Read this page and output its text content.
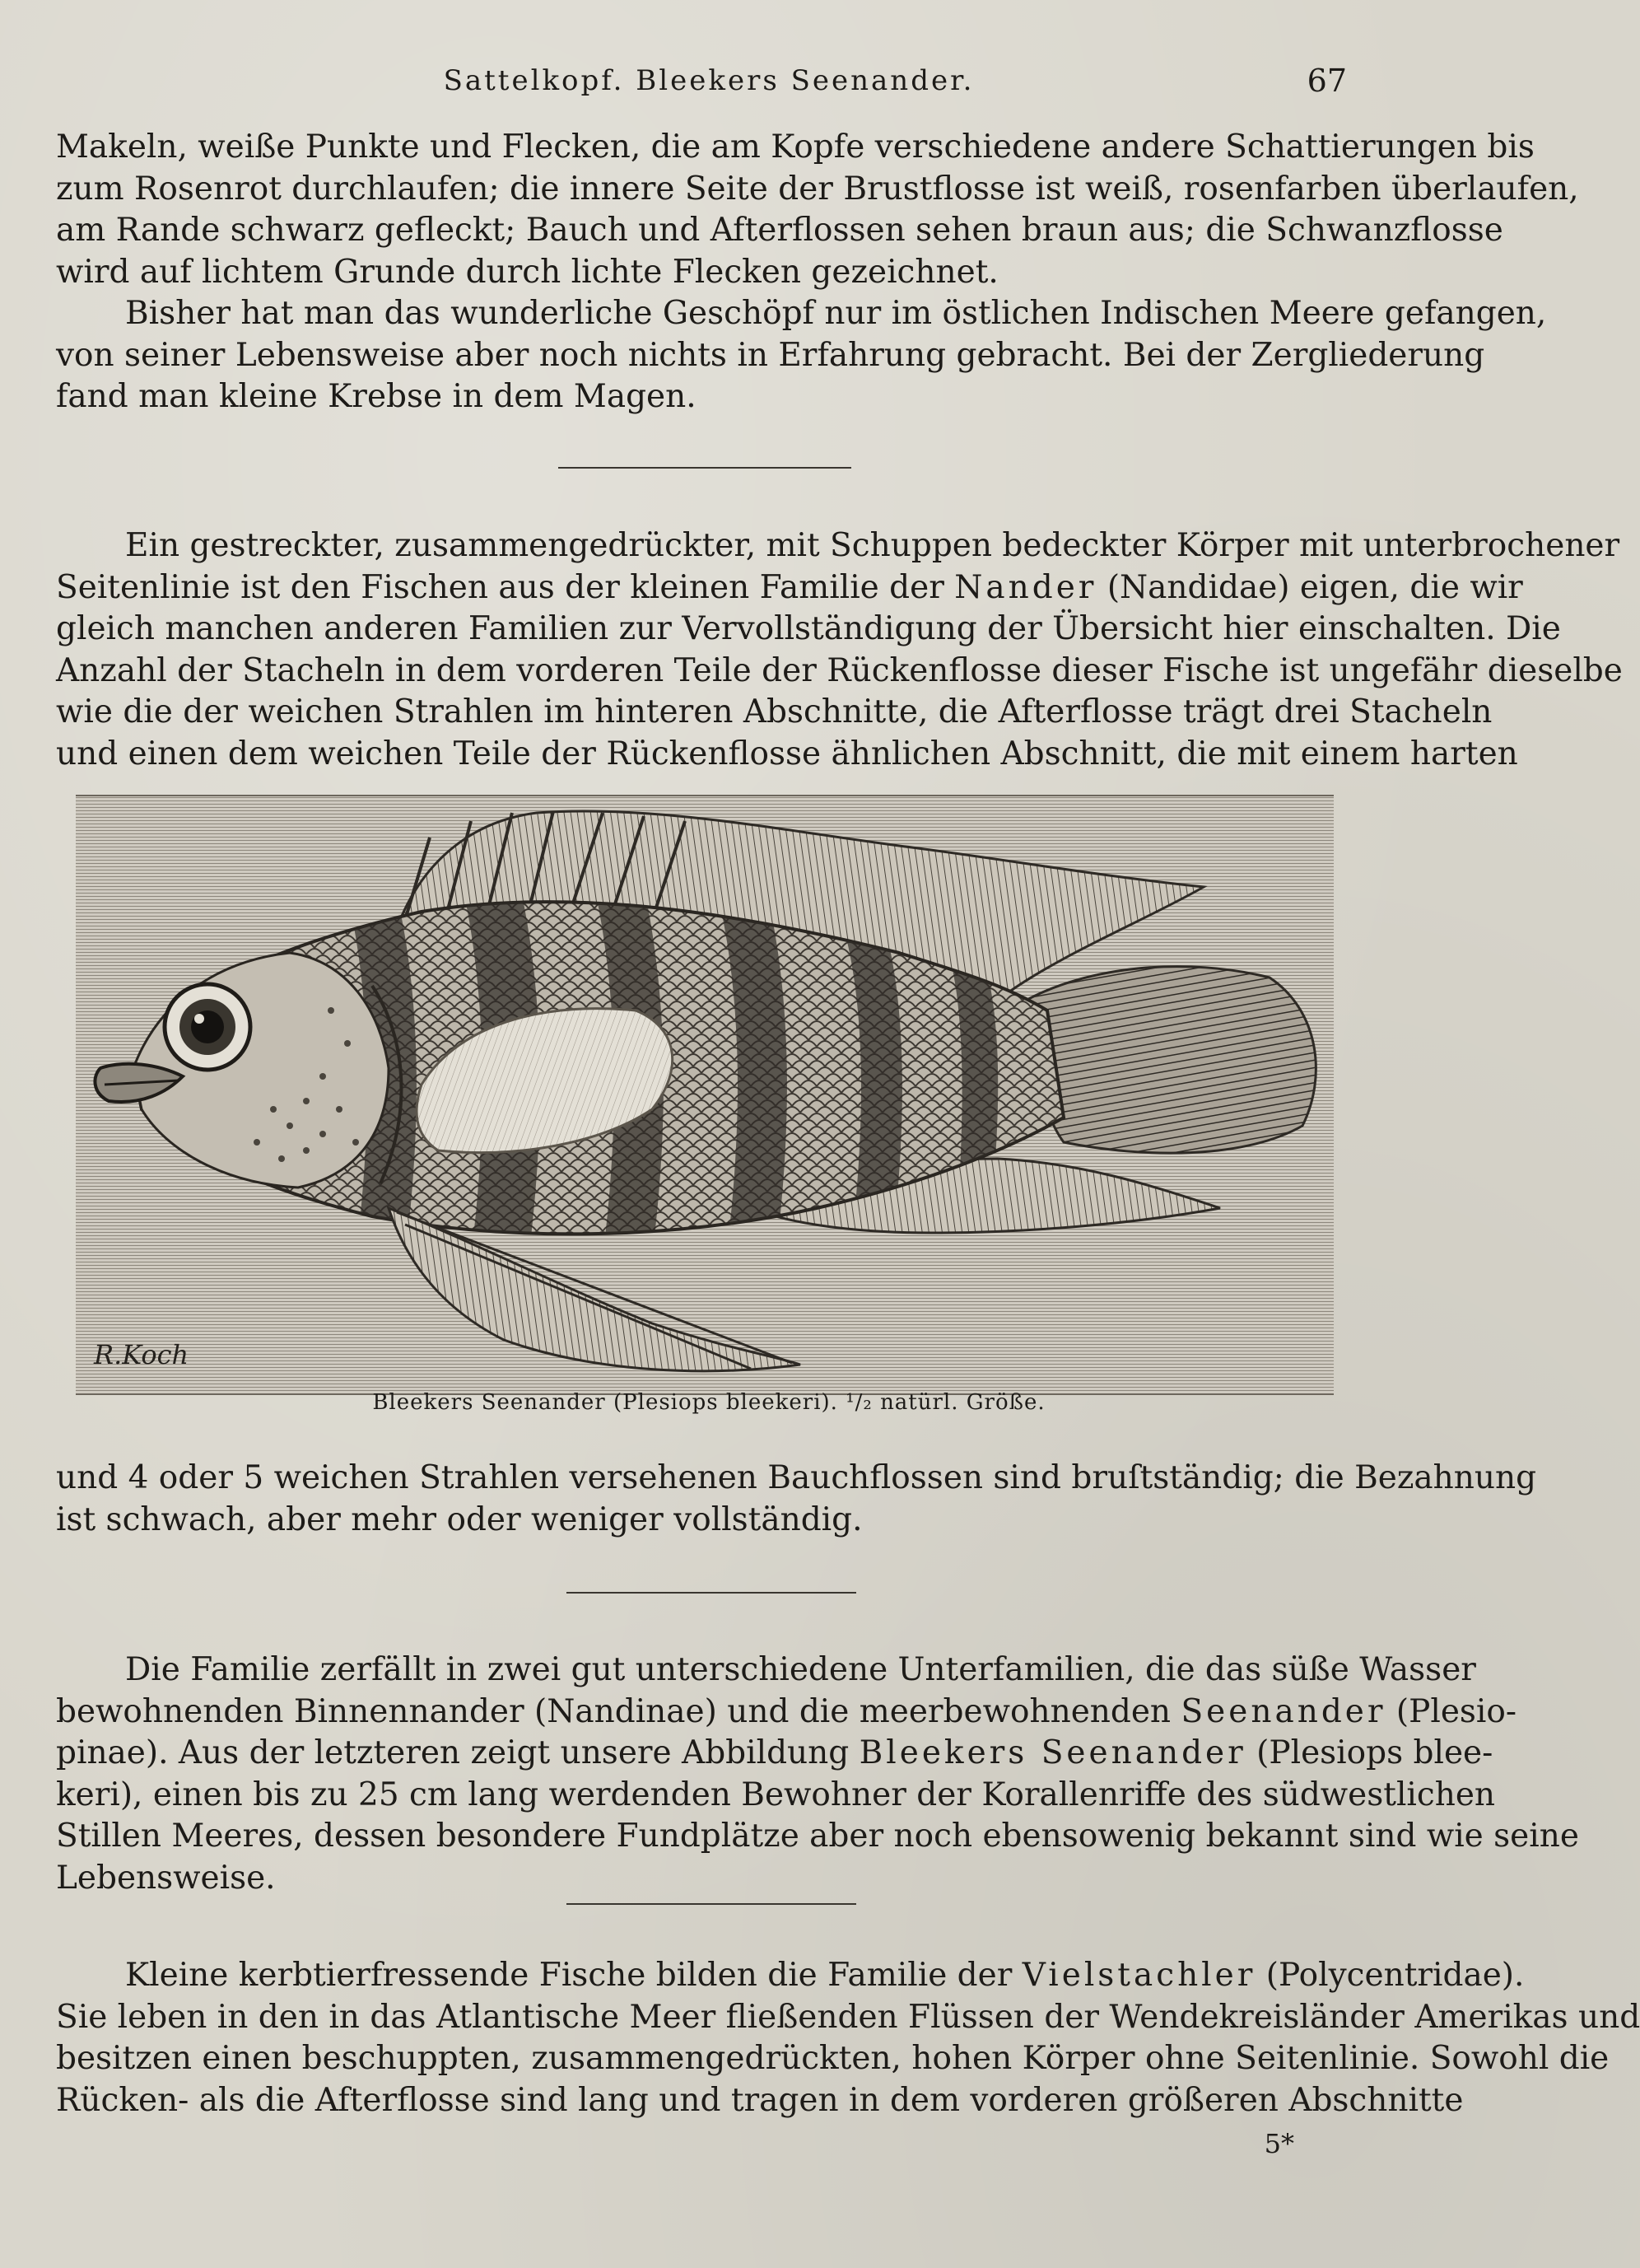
Sattelkopf. Bleekers Seenander.	67
Makeln, weiße Punkte und Flecken, die am Kopfe verschiedene andere Schattierungen bis
zum Rosenrot durchlaufen; die innere Seite der Brustflosse ist weiß, rosenfarben überlaufen,
am Rande schwarz gefleckt; Bauch und Afterflossen sehen braun aus; die Schwanzflosse
wird auf lichtem Grunde durch lichte Flecken gezeichnet.
Bisher hat man das wunderliche Geschöpf nur im östlichen Indischen Meere gefangen,
von seiner Lebensweise aber noch nichts in Erfahrung gebracht. Bei der Zergliederung
fand man kleine Krebse in dem Magen.
Ein gestreckter, zusammengedrückter, mit Schuppen bedeckter Körper mit unterbrochener
Seitenlinie ist den Fischen aus der kleinen Familie der Nander (Nandidae) eigen, die wir
gleich manchen anderen Familien zur Vervollständigung der Übersicht hier einschalten. Die
Anzahl der Stacheln in dem vorderen Teile der Rückenflosse dieser Fische ist ungefähr dieselbe
wie die der weichen Strahlen im hinteren Abschnitte, die Afterflosse trägt drei Stacheln
und einen dem weichen Teile der Rückenflosse ähnlichen Abschnitt, die mit einem harten
R.Koch
Bleekers Seenander (Plesiops bleekeri). ¹/₂ natürl. Größe.
und 4 oder 5 weichen Strahlen versehenen Bauchflossen sind bruſtständig; die Bezahnung
ist schwach, aber mehr oder weniger vollständig.
Die Familie zerfällt in zwei gut unterschiedene Unterfamilien, die das süße Wasser
bewohnenden Binnennander (Nandinae) und die meerbewohnenden Seenander (Plesio-
pinae). Aus der letzteren zeigt unsere Abbildung Bleekers Seenander (Plesiops blee-
keri), einen bis zu 25 cm lang werdenden Bewohner der Korallenriffe des südwestlichen
Stillen Meeres, dessen besondere Fundplätze aber noch ebensowenig bekannt sind wie seine
Lebensweise.
Kleine kerbtierfressende Fische bilden die Familie der Vielstachler (Polycentridae).
Sie leben in den in das Atlantische Meer fließenden Flüssen der Wendekreisländer Amerikas und
besitzen einen beschuppten, zusammengedrückten, hohen Körper ohne Seitenlinie. Sowohl die
Rücken- als die Afterflosse sind lang und tragen in dem vorderen größeren Abschnitte
5*
